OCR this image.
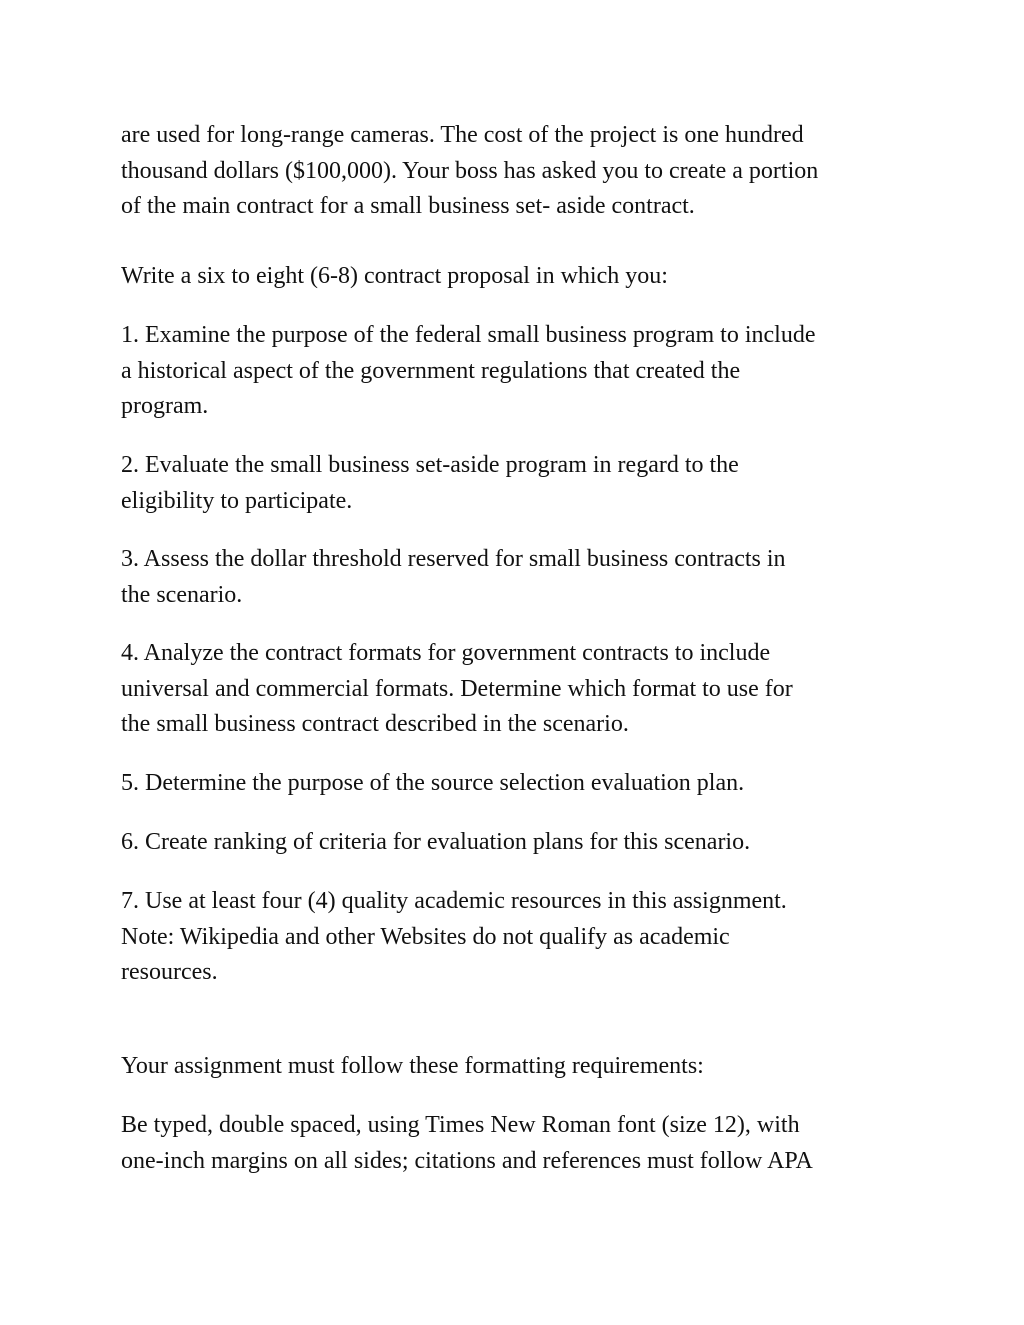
are used for long-range cameras. The cost of the project is one hundred
thousand dollars ($100,000). Your boss has asked you to create a portion
of the main contract for a small business set- aside contract.

Write a six to eight (6-8) contract proposal in which you:

1. Examine the purpose of the federal small business program to include
a historical aspect of the government regulations that created the
program.

2. Evaluate the small business set-aside program in regard to the
eligibility to participate.

3. Assess the dollar threshold reserved for small business contracts in
the scenario.

4. Analyze the contract formats for government contracts to include
universal and commercial formats. Determine which format to use for
the small business contract described in the scenario.

5. Determine the purpose of the source selection evaluation plan.

6. Create ranking of criteria for evaluation plans for this scenario.

7. Use at least four (4) quality academic resources in this assignment.
Note: Wikipedia and other Websites do not qualify as academic
resources.

Your assignment must follow these formatting requirements:

Be typed, double spaced, using Times New Roman font (size 12), with
one-inch margins on all sides; citations and references must follow APA
